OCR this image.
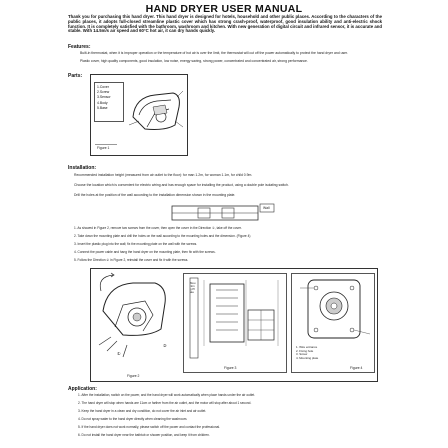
HAND DRYER USER MANUAL
Thank you for purchasing this hand dryer. This hand dryer is designed for hotels, household and other public places. According to the characters of the public places, it adopts full-closed streamline plastic cover which has strong crash-proof, waterproof, good insulation ability and anti-electric shock function. It is completely satisfied with the bathroom, washroom and kitchen. With new generation of digital circuit and infrared sensor, it is accurate and stable. With 14.5m/s air speed and 60°C hot air, it can dry hands quickly.
Features:
Built-in thermostat, when it is improper operation or the temperature of hot air is over the limit, the thermostat will cut off the power automatically to protect the hand dryer and user.
Plastic cover, high quality components, good insulation, low noise, energy saving, strong power, concentrated and concentrated air, strong performance.
Parts:
1.Cover
2.Screw
3.Sensor
4.Body
5.Base
Figure 1
Installation:
Recommended installation height (measured from air outlet to the floor): for man 1.2m, for woman 1.1m, for child 0.9m.
Choose the location which is convenient for electric wiring and has enough space for installing the product, using a double pole isolating switch.
Drill the holes at the position of the wall according to the installation dimension shown in the mounting plate.
Wall
1. As showed in Figure 2, remove two screws from the cover, then open the cover in the Direction ①, take off the cover.
2. Take down the mounting plate and drill the holes on the wall according to the mounting holes and the dimension. (Figure 4)
3. Insert the plastic plug into the wall; fix the mounting plate on the wall with the screws.
4. Connect the power cable and hang the hand dryer on the mounting plate, then fix with the screws.
5. Follow the Direction ② in Figure 2, reinstall the cover and fix it with the screws.
①
②
Figure 2
Mounting Plate
Figure 3
1. Wire entrance
2. Fixing hole
3. Screw
4. Mounting plate
Figure 4
Application:
1. After the installation, switch on the power, and the hand dryer will work automatically when place hands under the air outlet.
2. The hand dryer will stop when hands are 11cm or farther from the air outlet, and the motor will stop after about 1 second.
3. Keep the hand dryer in a clean and dry condition, do not cover the air inlet and air outlet.
4. Do not spray water to the hand dryer directly when cleaning the washroom.
5. If the hand dryer does not work normally, please switch off the power and contact the professional.
6. Do not install the hand dryer near the bathtub or shower position, and keep it from children.
